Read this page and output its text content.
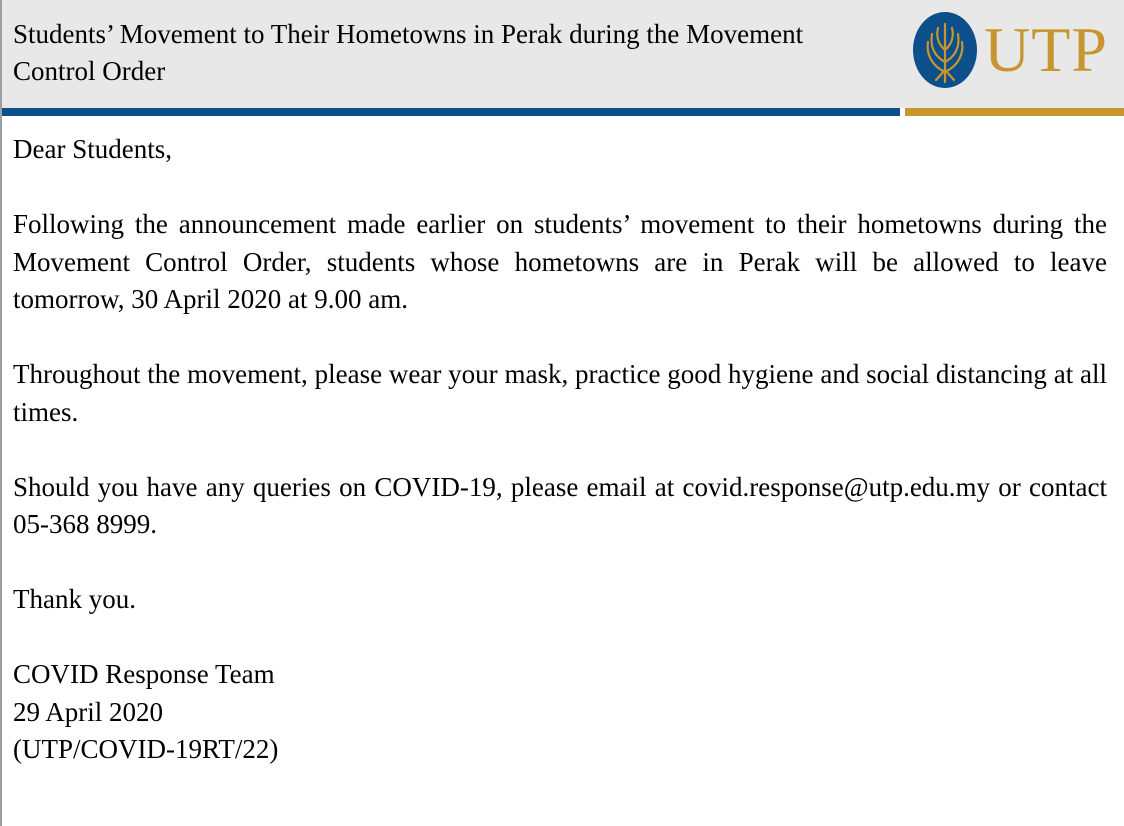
Students’ Movement to Their Hometowns in Perak during the Movement Control Order	UTP

Dear Students,

Following the announcement made earlier on students’ movement to their hometowns during the Movement Control Order, students whose hometowns are in Perak will be allowed to leave tomorrow, 30 April 2020 at 9.00 am.

Throughout the movement, please wear your mask, practice good hygiene and social distancing at all times.

Should you have any queries on COVID-19, please email at covid.response@utp.edu.my or contact 05-368 8999.

Thank you.

COVID Response Team
29 April 2020
(UTP/COVID-19RT/22)
